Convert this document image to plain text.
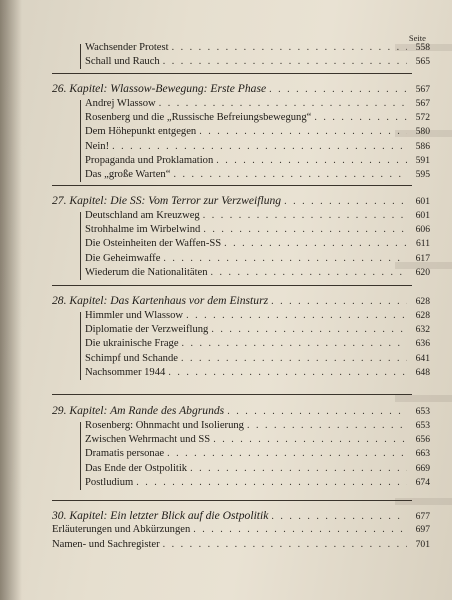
Seite
Wachsender Protest . . .	558
Schall und Rauch . . .	565
26. Kapitel: Wlassow-Bewegung: Erste Phase . . .	567
Andrej Wlassow . . .	567
Rosenberg und die „Russische Befreiungsbewegung“ . . .	572
Dem Höhepunkt entgegen . . .	580
Nein! . . .	586
Propaganda und Proklamation . . .	591
Das „große Warten“ . . .	595
27. Kapitel: Die SS: Vom Terror zur Verzweiflung . . .	601
Deutschland am Kreuzweg . . .	601
Strohhalme im Wirbelwind . . .	606
Die Osteinheiten der Waffen-SS . . .	611
Die Geheimwaffe . . .	617
Wiederum die Nationalitäten . . .	620
28. Kapitel: Das Kartenhaus vor dem Einsturz . . .	628
Himmler und Wlassow . . .	628
Diplomatie der Verzweiflung . . .	632
Die ukrainische Frage . . .	636
Schimpf und Schande . . .	641
Nachsommer 1944 . . .	648
29. Kapitel: Am Rande des Abgrunds . . .	653
Rosenberg: Ohnmacht und Isolierung . . .	653
Zwischen Wehrmacht und SS . . .	656
Dramatis personae . . .	663
Das Ende der Ostpolitik . . .	669
Postludium . . .	674
30. Kapitel: Ein letzter Blick auf die Ostpolitik . . .	677
Erläuterungen und Abkürzungen . . .	697
Namen- und Sachregister . . .	701
